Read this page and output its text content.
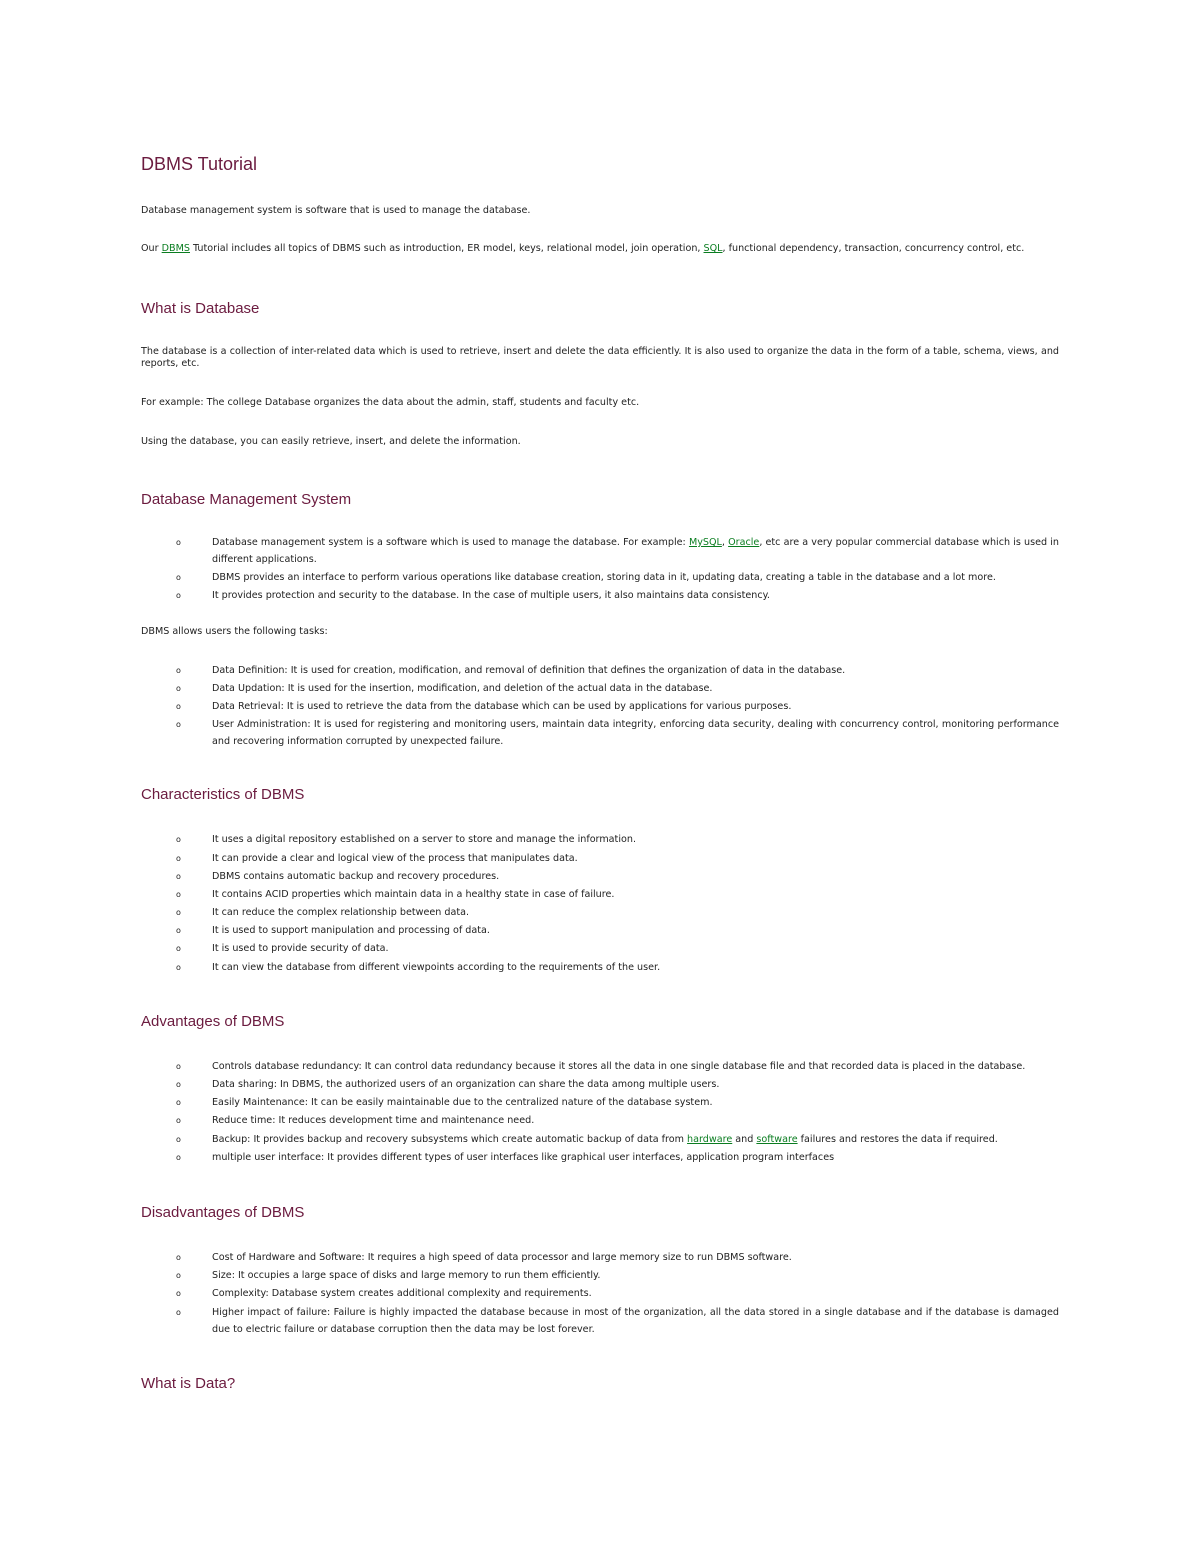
DBMS Tutorial

Database management system is software that is used to manage the database.

Our DBMS Tutorial includes all topics of DBMS such as introduction, ER model, keys, relational model, join operation, SQL, functional dependency, transaction, concurrency control, etc.

What is Database

The database is a collection of inter-related data which is used to retrieve, insert and delete the data efficiently. It is also used to organize the data in the form of a table, schema, views, and reports, etc.

For example: The college Database organizes the data about the admin, staff, students and faculty etc.

Using the database, you can easily retrieve, insert, and delete the information.

Database Management System
o	Database management system is a software which is used to manage the database. For example: MySQL, Oracle, etc are a very popular commercial database which is used in different applications.
o	DBMS provides an interface to perform various operations like database creation, storing data in it, updating data, creating a table in the database and a lot more.
o	It provides protection and security to the database. In the case of multiple users, it also maintains data consistency.

DBMS allows users the following tasks:

o	Data Definition: It is used for creation, modification, and removal of definition that defines the organization of data in the database.
o	Data Updation: It is used for the insertion, modification, and deletion of the actual data in the database.
o	Data Retrieval: It is used to retrieve the data from the database which can be used by applications for various purposes.
o	User Administration: It is used for registering and monitoring users, maintain data integrity, enforcing data security, dealing with concurrency control, monitoring performance and recovering information corrupted by unexpected failure.
Characteristics of DBMS
o	It uses a digital repository established on a server to store and manage the information.
o	It can provide a clear and logical view of the process that manipulates data.
o	DBMS contains automatic backup and recovery procedures.
o	It contains ACID properties which maintain data in a healthy state in case of failure.
o	It can reduce the complex relationship between data.
o	It is used to support manipulation and processing of data.
o	It is used to provide security of data.
o	It can view the database from different viewpoints according to the requirements of the user.
Advantages of DBMS
o	Controls database redundancy: It can control data redundancy because it stores all the data in one single database file and that recorded data is placed in the database.
o	Data sharing: In DBMS, the authorized users of an organization can share the data among multiple users.
o	Easily Maintenance: It can be easily maintainable due to the centralized nature of the database system.
o	Reduce time: It reduces development time and maintenance need.
o	Backup: It provides backup and recovery subsystems which create automatic backup of data from hardware and software failures and restores the data if required.
o	multiple user interface: It provides different types of user interfaces like graphical user interfaces, application program interfaces
Disadvantages of DBMS
o	Cost of Hardware and Software: It requires a high speed of data processor and large memory size to run DBMS software.
o	Size: It occupies a large space of disks and large memory to run them efficiently.
o	Complexity: Database system creates additional complexity and requirements.
o	Higher impact of failure: Failure is highly impacted the database because in most of the organization, all the data stored in a single database and if the database is damaged due to electric failure or database corruption then the data may be lost forever.
What is Data?
